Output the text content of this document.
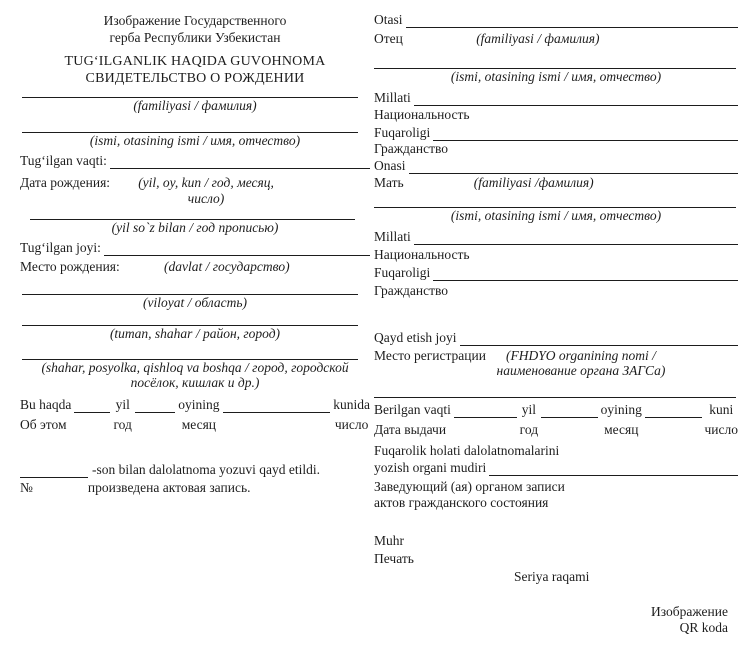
Изображение Государственного
герба Республики Узбекистан
TUG‘ILGANLIK HAQIDA GUVOHNOMA
СВИДЕТЕЛЬСТВО О РОЖДЕНИИ
(familiyasi / фамилия)
(ismi, otasining ismi / имя, отчество)
Tug‘ilgan vaqti:
Дата рождения:	(yil, oy, kun / год, месяц, число)
(yil so`z bilan / год прописью)
Tug‘ilgan joyi:
Место рождения:	(davlat / государство)
(viloyat / область)
(tuman, shahar / район, город)
(shahar, posyolka, qishloq va boshqa / город, городской
посёлок, кишлак и др.)
Bu haqda	yil	oyining	kunida
Об этом	год	месяц	число
-son bilan dalolatnoma yozuvi qayd etildi.
№	произведена актовая запись.
Otasi
Отец	(familiyasi / фамилия)
(ismi, otasining ismi / имя, отчество)
Millati
Национальность
Fuqaroligi
Гражданство
Onasi
Мать	(familiyasi /фамилия)
(ismi, otasining ismi / имя, отчество)
Millati
Национальность
Fuqaroligi
Гражданство
Qayd etish joyi
Место регистрации	(FHDYO organining nomi /
наименование органа ЗАГСа)
Berilgan vaqti	yil	oyining	kuni
Дата выдачи	год	месяц	число
Fuqarolik holati dalolatnomalarini
yozish organi mudiri
Заведующий (ая) органом записи
актов гражданского состояния
Muhr
Печать
Seriya raqami
Изображение
QR koda
